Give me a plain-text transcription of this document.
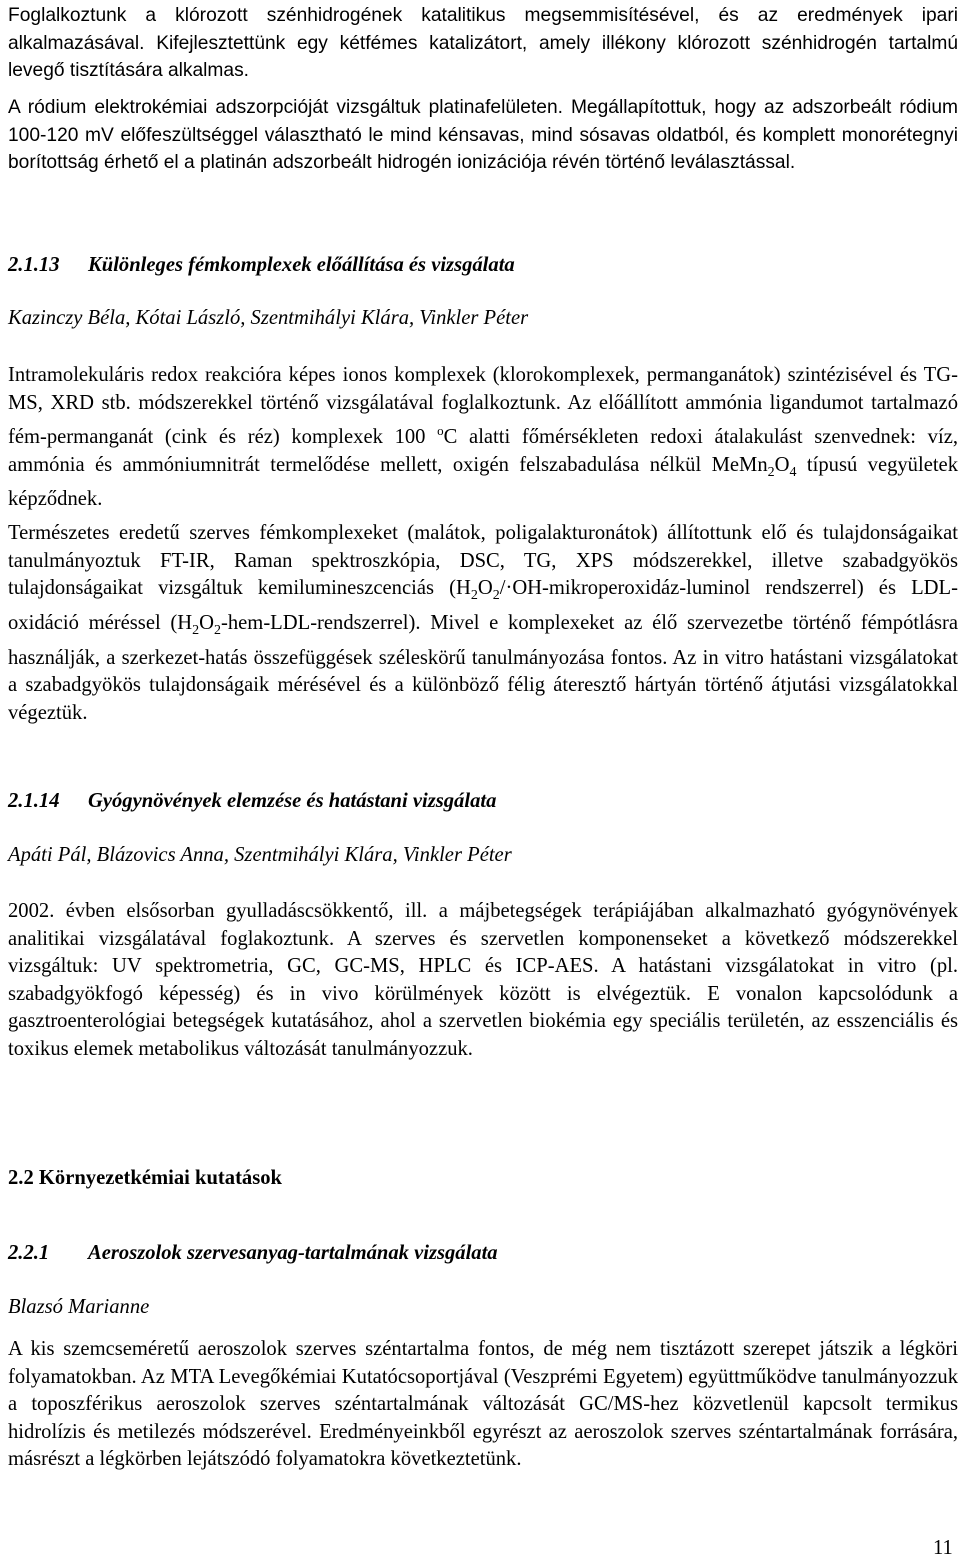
Foglalkoztunk a klórozott szénhidrogének katalitikus megsemmisítésével, és az eredmények ipari alkalmazásával. Kifejlesztettünk egy kétfémes katalizátort, amely illékony klórozott szénhidrogén tartalmú levegő tisztítására alkalmas.

A ródium elektrokémiai adszorpcióját vizsgáltuk platinafelületen. Megállapítottuk, hogy az adszorbeált ródium 100-120 mV előfeszültséggel választható le mind kénsavas, mind sósavas oldatból, és komplett monorétegnyi borítottság érhető el a platinán adszorbeált hidrogén ionizációja révén történő leválasztással.

2.1.13 Különleges fémkomplexek előállítása és vizsgálata

Kazinczy Béla, Kótai László, Szentmihályi Klára, Vinkler Péter

Intramolekuláris redox reakcióra képes ionos komplexek (klorokomplexek, permanganátok) szintézisével és TG-MS, XRD stb. módszerekkel történő vizsgálatával foglalkoztunk. Az előállított ammónia ligandumot tartalmazó fém-permanganát (cink és réz) komplexek 100 $^o$C alatti főmérsékleten redoxi átalakulást szenvednek: víz, ammónia és ammóniumnitrát termelődése mellett, oxigén felszabadulása nélkül $MeMn_2O_4$ típusú vegyületek képződnek.

Természetes eredetű szerves fémkomplexeket (malátok, poligalakturonátok) állítottunk elő és tulajdonságaikat tanulmányoztuk FT-IR, Raman spektroszkópia, DSC, TG, XPS módszerekkel, illetve szabadgyökös tulajdonságaikat vizsgáltuk kemilumineszcenciás ($H_2O_2/\cdot OH-mikroperoxidáz$-luminol rendszerrel) és LDL-oxidáció méréssel $(H_2O_2-hem-LDL-rendszerrel)$. Mivel e komplexeket az élő szervezetbe történő fémpótlásra használják, a szerkezet-hatás összefüggések széleskörű tanulmányozása fontos. Az in vitro hatástani vizsgálatokat a szabadgyökös tulajdonságaik mérésével és a különböző félig áteresztő hártyán történő átjutási vizsgálatokkal végeztük.

2.1.14 Gyógynövények elemzése és hatástani vizsgálata

Apáti Pál, Blázovics Anna, Szentmihályi Klára, Vinkler Péter

2002. évben elsősorban gyulladáscsökkentő, ill. a májbetegségek terápiájában alkalmazható gyógynövények analitikai vizsgálatával foglakoztunk. A szerves és szervetlen komponenseket a következő módszerekkel vizsgáltuk: UV spektrometria, GC, GC-MS, HPLC és ICP-AES. A hatástani vizsgálatokat in vitro (pl. szabadgyökfogó képesség) és in vivo körülmények között is elvégeztük. E vonalon kapcsolódunk a gasztroenterológiai betegségek kutatásához, ahol a szervetlen biokémia egy speciális területén, az esszenciális és toxikus elemek metabolikus változását tanulmányozzuk.

2.2 Környezetkémiai kutatások
2.2.1 Aeroszolok szervesanyag-tartalmának vizsgálata

Blazsó Marianne

A kis szemcseméretű aeroszolok szerves széntartalma fontos, de még nem tisztázott szerepet játszik a légköri folyamatokban. Az MTA Levegőkémiai Kutatócsoportjával (Veszprémi Egyetem) együttműködve tanulmányozzuk a toposzférikus aeroszolok szerves széntartalmának változását GC/MS-hez közvetlenül kapcsolt termikus hidrolízis és metilezés módszerével. Eredményeinkből egyrészt az aeroszolok szerves széntartalmának forrására, másrészt a légkörben lejátszódó folyamatokra következtetünk.

11
